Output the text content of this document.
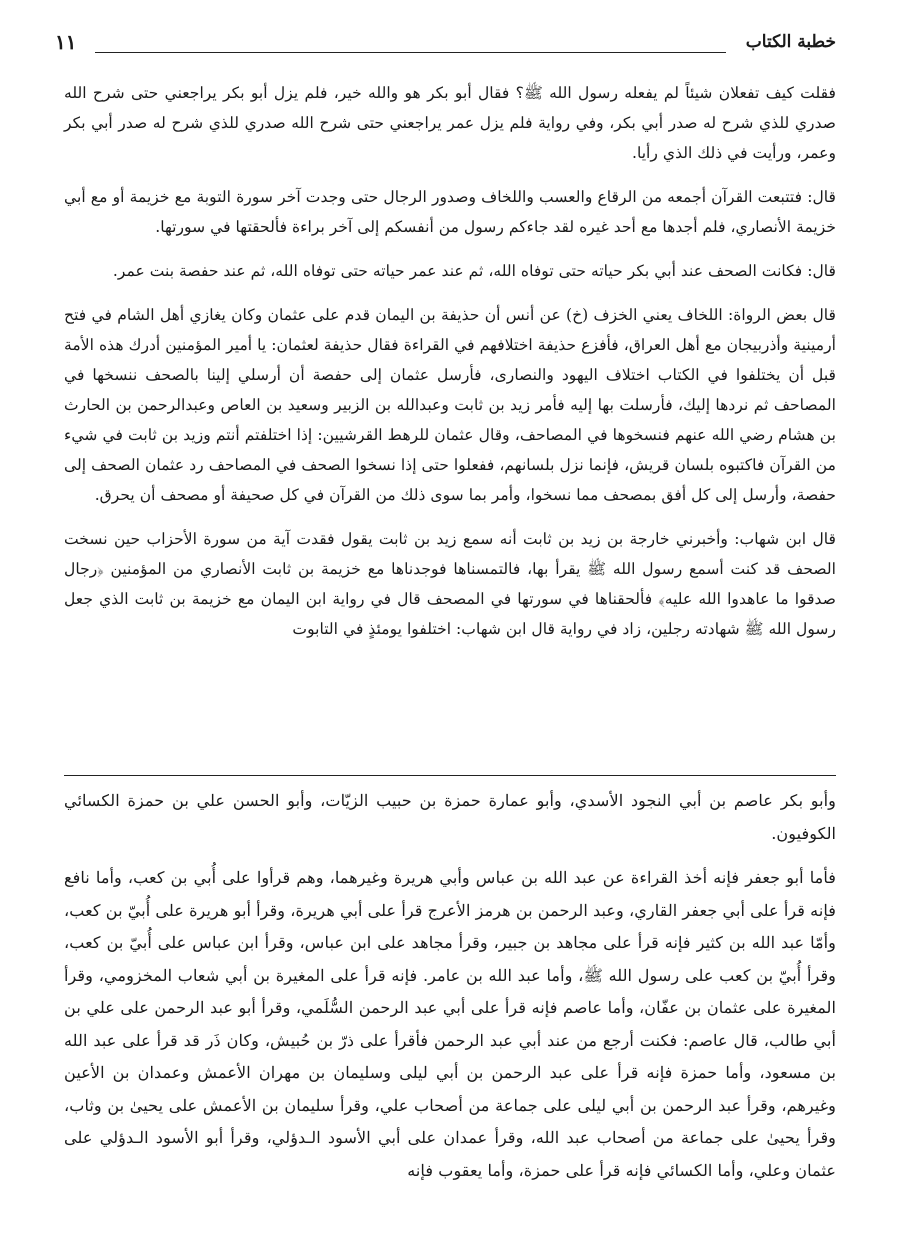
خطبة الكتاب
١١

فقلت كيف تفعلان شيئاً لم يفعله رسول الله ﷺ؟ فقال أبو بكر هو والله خير، فلم يزل أبو بكر يراجعني حتى شرح الله صدري للذي شرح له صدر أبي بكر، وفي رواية فلم يزل عمر يراجعني حتى شرح الله صدري للذي شرح له صدر أبي بكر وعمر، ورأيت في ذلك الذي رأيا.

قال: فتتبعت القرآن أجمعه من الرقاع والعسب واللخاف وصدور الرجال حتى وجدت آخر سورة التوبة مع خزيمة أو مع أبي خزيمة الأنصاري، فلم أجدها مع أحد غيره لقد جاءكم رسول من أنفسكم إلى آخر براءة فألحقتها في سورتها.

قال: فكانت الصحف عند أبي بكر حياته حتى توفاه الله، ثم عند عمر حياته حتى توفاه الله، ثم عند حفصة بنت عمر.

قال بعض الرواة: اللخاف يعني الخزف (خ) عن أنس أن حذيفة بن اليمان قدم على عثمان وكان يغازي أهل الشام في فتح أرمينية وأذربيجان مع أهل العراق، فأفزع حذيفة اختلافهم في القراءة فقال حذيفة لعثمان: يا أمير المؤمنين أدرك هذه الأمة قبل أن يختلفوا في الكتاب اختلاف اليهود والنصارى، فأرسل عثمان إلى حفصة أن أرسلي إلينا بالصحف ننسخها في المصاحف ثم نردها إليك، فأرسلت بها إليه فأمر زيد بن ثابت وعبدالله بن الزبير وسعيد بن العاص وعبدالرحمن بن الحارث بن هشام رضي الله عنهم فنسخوها في المصاحف، وقال عثمان للرهط القرشيين: إذا اختلفتم أنتم وزيد بن ثابت في شيء من القرآن فاكتبوه بلسان قريش، فإنما نزل بلسانهم، ففعلوا حتى إذا نسخوا الصحف في المصاحف رد عثمان الصحف إلى حفصة، وأرسل إلى كل أفق بمصحف مما نسخوا، وأمر بما سوى ذلك من القرآن في كل صحيفة أو مصحف أن يحرق.

قال ابن شهاب: وأخبرني خارجة بن زيد بن ثابت أنه سمع زيد بن ثابت يقول فقدت آية من سورة الأحزاب حين نسخت الصحف قد كنت أسمع رسول الله ﷺ يقرأ بها، فالتمسناها فوجدناها مع خزيمة بن ثابت الأنصاري من المؤمنين ﴿رجال صدقوا ما عاهدوا الله عليه﴾ فألحقناها في سورتها في المصحف قال في رواية ابن اليمان مع خزيمة بن ثابت الذي جعل رسول الله ﷺ شهادته رجلين، زاد في رواية قال ابن شهاب: اختلفوا يومئذٍ في التابوت

وأبو بكر عاصم بن أبي النجود الأسدي، وأبو عمارة حمزة بن حبيب الزيّات، وأبو الحسن علي بن حمزة الكسائي الكوفيون.

فأما أبو جعفر فإنه أخذ القراءة عن عبد الله بن عباس وأبي هريرة وغيرهما، وهم قرأوا على أُبي بن كعب، وأما نافع فإنه قرأ على أبي جعفر القاري، وعبد الرحمن بن هرمز الأعرج قرأ على أبي هريرة، وقرأ أبو هريرة على أُبيّ بن كعب، وأمّا عبد الله بن كثير فإنه قرأ على مجاهد بن جبير، وقرأ مجاهد على ابن عباس، وقرأ ابن عباس على أُبيّ بن كعب، وقرأ أُبيّ بن كعب على رسول الله ﷺ، وأما عبد الله بن عامر. فإنه قرأ على المغيرة بن أبي شعاب المخزومي، وقرأ المغيرة على عثمان بن عفّان، وأما عاصم فإنه قرأ على أبي عبد الرحمن السُّلَمي، وقرأ أبو عبد الرحمن على علي بن أبي طالب، قال عاصم: فكنت أرجع من عند أبي عبد الرحمن فأقرأ على ذرّ بن حُبيش، وكان ذَر قد قرأ على عبد الله بن مسعود، وأما حمزة فإنه قرأ على عبد الرحمن بن أبي ليلى وسليمان بن مهران الأعمش وعمدان بن الأعين وغيرهم، وقرأ عبد الرحمن بن أبي ليلى على جماعة من أصحاب علي، وقرأ سليمان بن الأعمش على يحيىٰ بن وثاب، وقرأ يحيىٰ على جماعة من أصحاب عبد الله، وقرأ عمدان على أبي الأسود الـدؤلي، وقرأ أبو الأسود الـدؤلي على عثمان وعلي، وأما الكسائي فإنه قرأ على حمزة، وأما يعقوب فإنه
